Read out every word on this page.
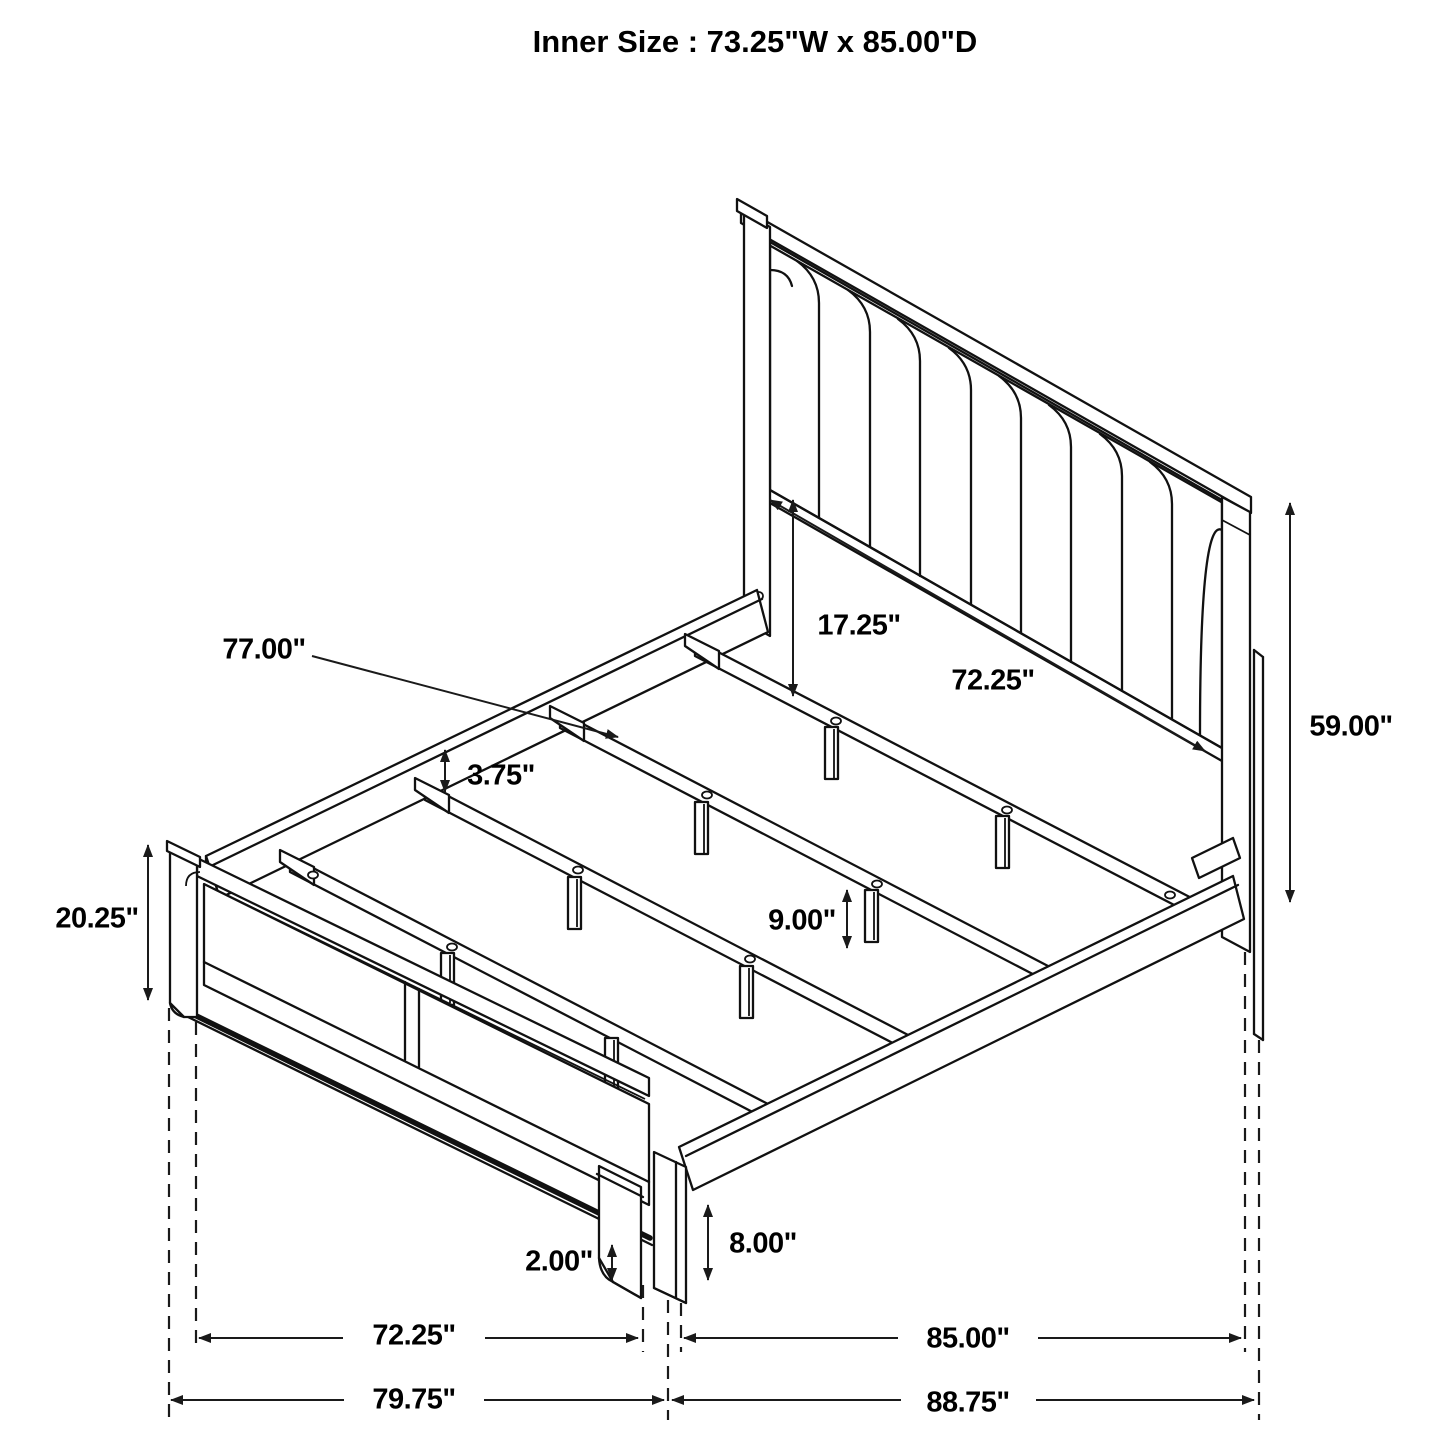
Inner Size : 73.25"W x 85.00"D
77.00"
3.75"
17.25"
72.25"
59.00"
20.25"	9.00"
8.00"
2.00"
72.25"	85.00"
79.75"	88.75"
